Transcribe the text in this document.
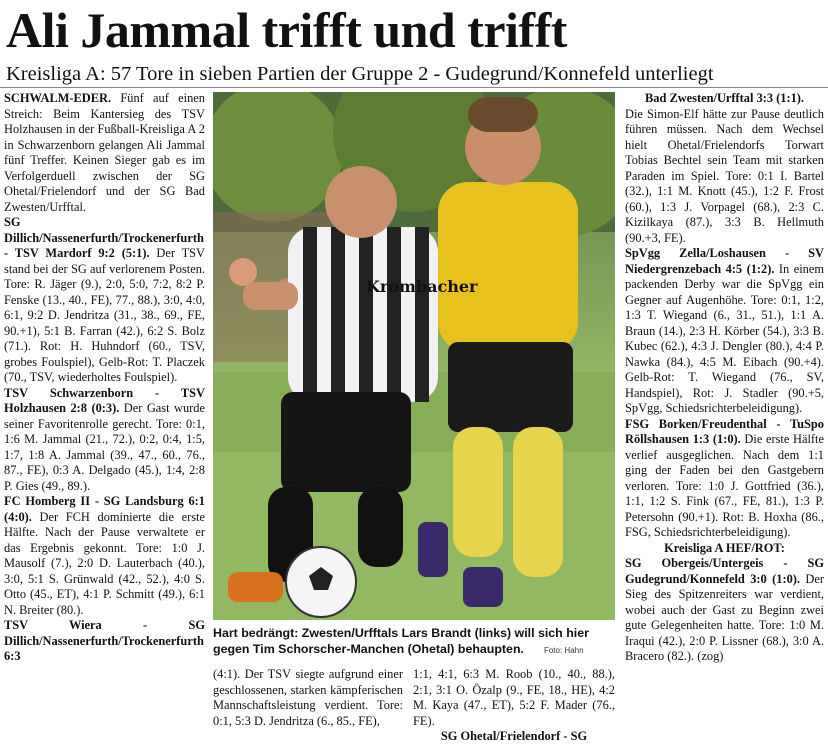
Ali Jammal trifft und trifft
Kreisliga A: 57 Tore in sieben Partien der Gruppe 2 - Gudegrund/Konnefeld unterliegt

SCHWALM-EDER. Fünf auf einen Streich: Beim Kantersieg des TSV Holzhausen in der Fußball-Kreisliga A 2 in Schwarzenborn gelangen Ali Jammal fünf Treffer. Keinen Sieger gab es im Verfolgerduell zwischen der SG Ohetal/Frielendorf und der SG Bad Zwesten/Urfftal.

SG Dillich/Nassenerfurth/Trockenerfurth - TSV Mardorf 9:2 (5:1). Der TSV stand bei der SG auf verlorenem Posten. Tore: R. Jäger (9.), 2:0, 5:0, 7:2, 8:2 P. Fenske (13., 40., FE), 77., 88.), 3:0, 4:0, 6:1, 9:2 D. Jendritza (31., 38., 69., FE, 90.+1), 5:1 B. Farran (42.), 6:2 S. Bolz (71.). Rot: H. Huhndorf (60., TSV, grobes Foulspiel), Gelb-Rot: T. Placzek (70., TSV, wiederholtes Foulspiel).

TSV Schwarzenborn - TSV Holzhausen 2:8 (0:3). Der Gast wurde seiner Favoritenrolle gerecht. Tore: 0:1, 1:6 M. Jammal (21., 72.), 0:2, 0:4, 1:5, 1:7, 1:8 A. Jammal (39., 47., 60., 76., 87., FE), 0:3 A. Delgado (45.), 1:4, 2:8 P. Gies (49., 89.).

FC Homberg II - SG Landsburg 6:1 (4:0). Der FCH dominierte die erste Hälfte. Nach der Pause verwaltete er das Ergebnis gekonnt. Tore: 1:0 J. Mausolf (7.), 2:0 D. Lauterbach (40.), 3:0, 5:1 S. Grünwald (42., 52.), 4:0 S. Otto (45., ET), 4:1 P. Schmitt (49.), 6:1 N. Breiter (80.).

TSV Wiera - SG Dillich/Nassenerfurth/Trockenerfurth 6:3

Krombacher
Hart bedrängt: Zwesten/Urfftals Lars Brandt (links) will sich hier gegen Tim Schorscher-Manchen (Ohetal) behaupten.	Foto: Hahn

(4:1). Der TSV siegte aufgrund einer geschlossenen, starken kämpferischen Mannschaftsleistung verdient. Tore: 0:1, 5:3 D. Jendritza (6., 85., FE),

1:1, 4:1, 6:3 M. Roob (10., 40., 88.), 2:1, 3:1 O. Özalp (9., FE, 18., HE), 4:2 M. Kaya (47., ET), 5:2 F. Mader (76., FE).

SG Ohetal/Frielendorf - SG

Bad Zwesten/Urfftal 3:3 (1:1).
Die Simon-Elf hätte zur Pause deutlich führen müssen. Nach dem Wechsel hielt Ohetal/Frielendorfs Torwart Tobias Bechtel sein Team mit starken Paraden im Spiel. Tore: 0:1 I. Bartel (32.), 1:1 M. Knott (45.), 1:2 F. Frost (60.), 1:3 J. Vorpagel (68.), 2:3 C. Kizilkaya (87.), 3:3 B. Hellmuth (90.+3, FE).

SpVgg Zella/Loshausen - SV Niedergrenzebach 4:5 (1:2). In einem packenden Derby war die SpVgg ein Gegner auf Augenhöhe. Tore: 0:1, 1:2, 1:3 T. Wiegand (6., 31., 51.), 1:1 A. Braun (14.), 2:3 H. Körber (54.), 3:3 B. Kubec (62.), 4:3 J. Dengler (80.), 4:4 P. Nawka (84.), 4:5 M. Eibach (90.+4). Gelb-Rot: T. Wiegand (76., SV, Handspiel), Rot: J. Stadler (90.+5, SpVgg, Schiedsrichterbeleidigung).

FSG Borken/Freudenthal - TuSpo Röllshausen 1:3 (1:0). Die erste Hälfte verlief ausgeglichen. Nach dem 1:1 ging der Faden bei den Gastgebern verloren. Tore: 1:0 J. Gottfried (36.), 1:1, 1:2 S. Fink (67., FE, 81.), 1:3 P. Petersohn (90.+1). Rot: B. Hoxha (86., FSG, Schiedsrichterbeleidigung).

Kreisliga A HEF/ROT:
SG Obergeis/Untergeis - SG Gudegrund/Konnefeld 3:0 (1:0). Der Sieg des Spitzenreiters war verdient, wobei auch der Gast zu Beginn zwei gute Gelegenheiten hatte. Tore: 1:0 M. Iraqui (42.), 2:0 P. Lissner (68.), 3:0 A. Bracero (82.). (zog)
